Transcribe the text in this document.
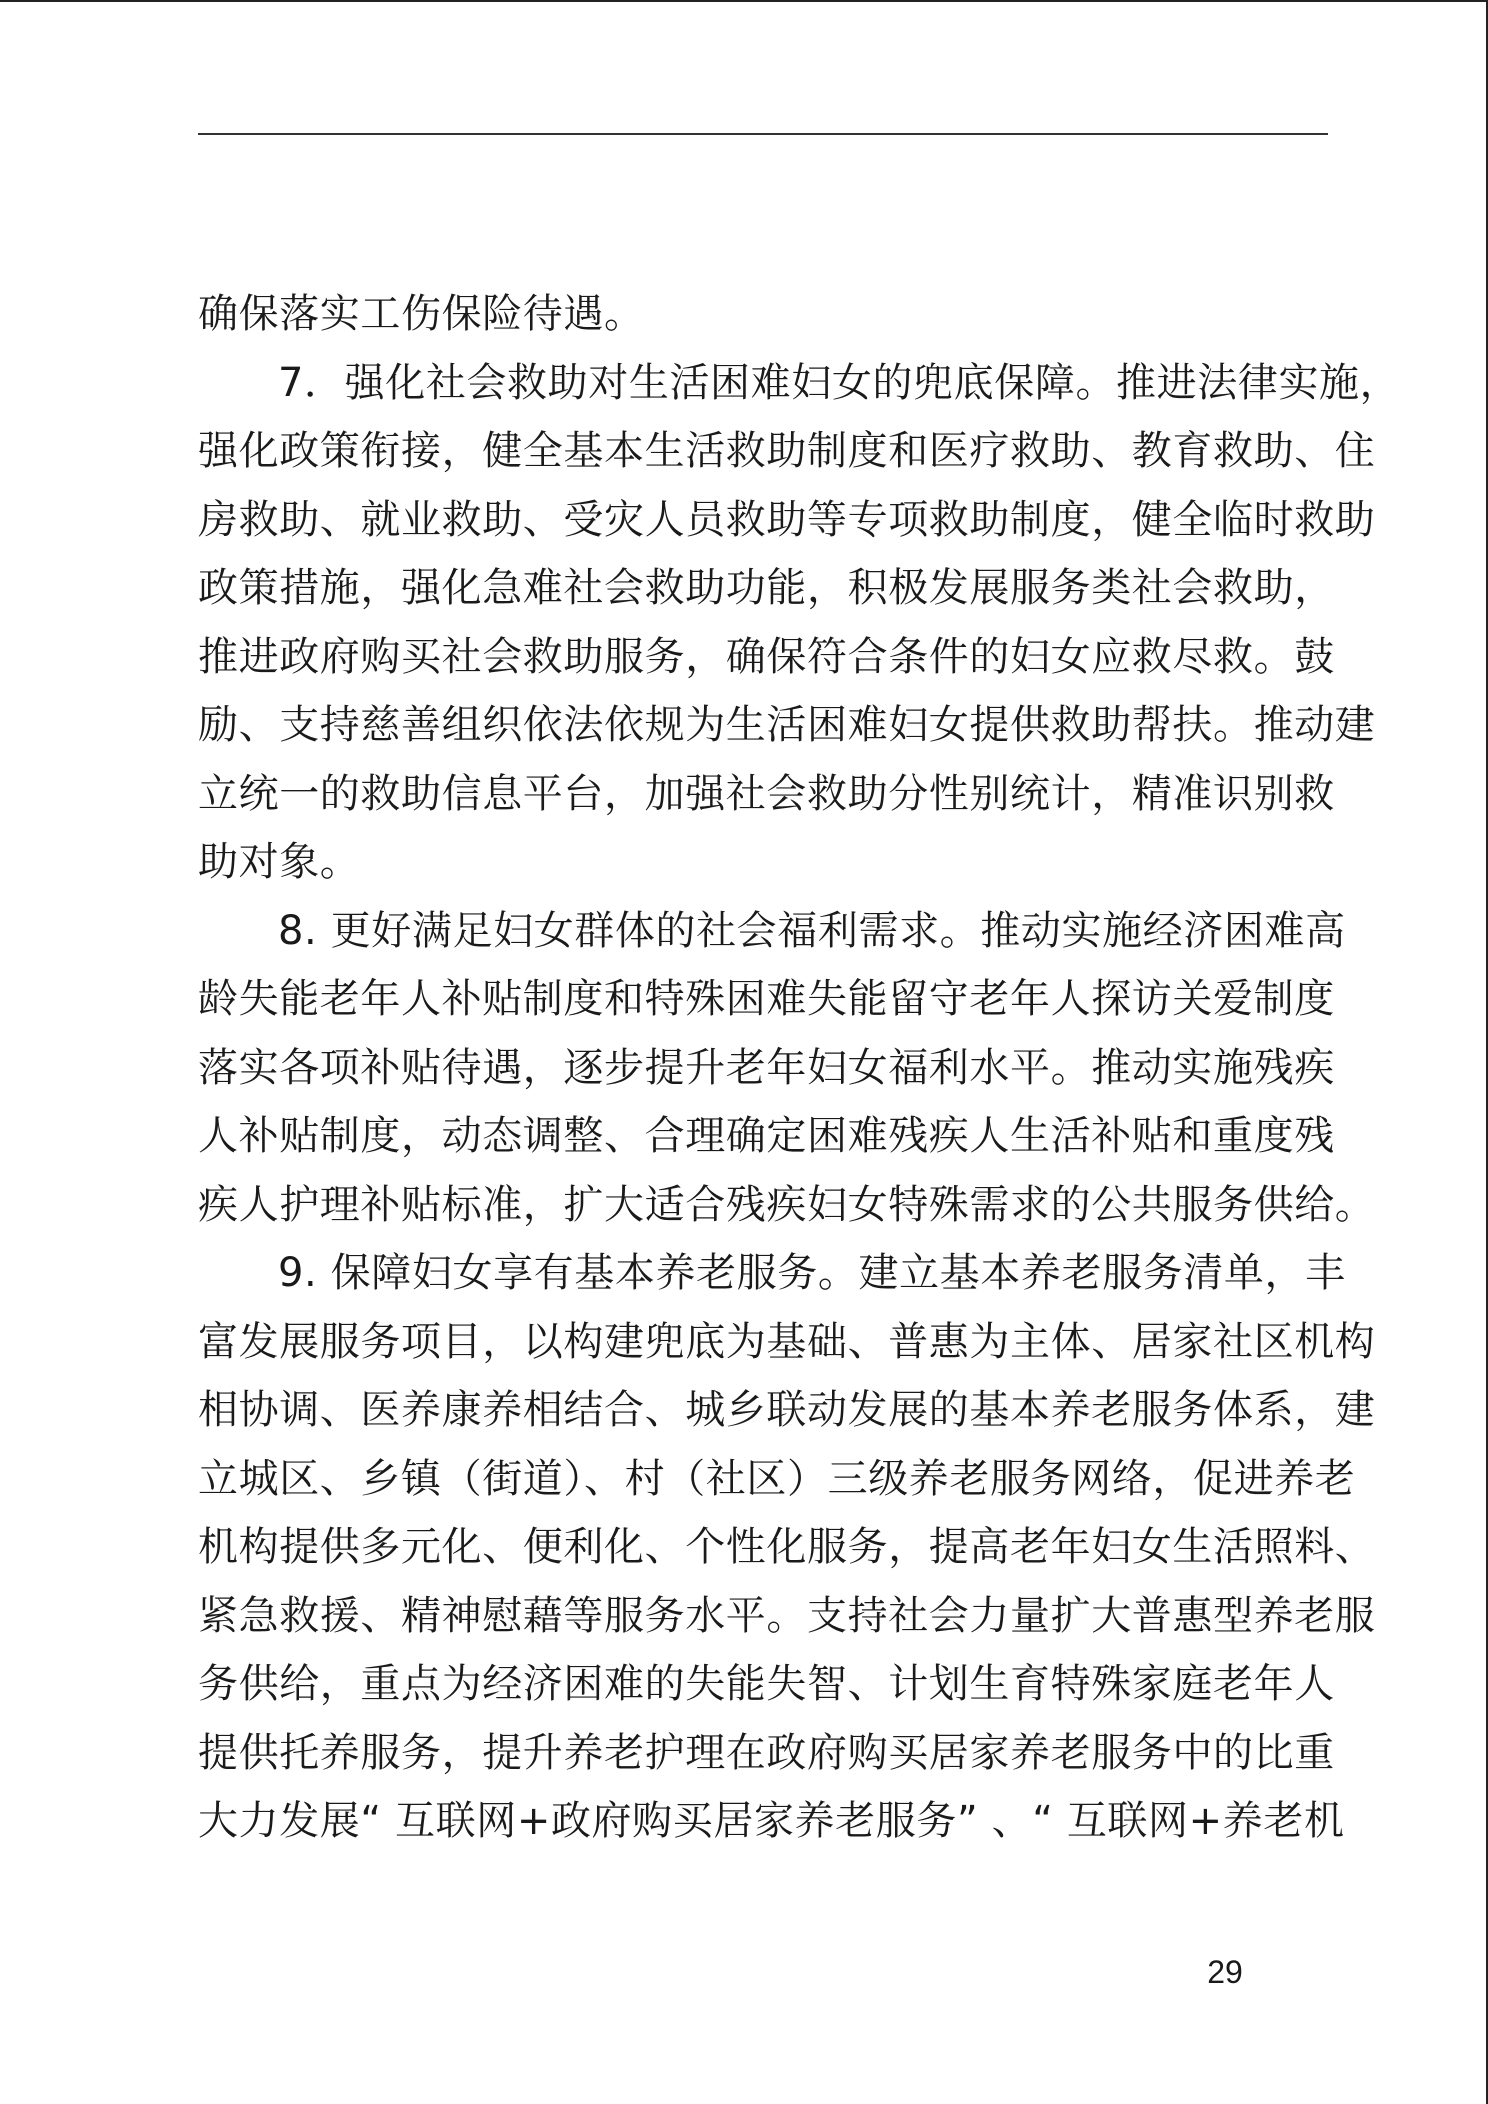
确保落实工伤保险待遇。
7．强化社会救助对生活困难妇女的兜底保障。推进法律实施，
强化政策衔接，健全基本生活救助制度和医疗救助、教育救助、住
房救助、就业救助、受灾人员救助等专项救助制度，健全临时救助
政策措施，强化急难社会救助功能，积极发展服务类社会救助，
推进政府购买社会救助服务，确保符合条件的妇女应救尽救。鼓
励、支持慈善组织依法依规为生活困难妇女提供救助帮扶。推动建
立统一的救助信息平台，加强社会救助分性别统计，精准识别救
助对象。
8. 更好满足妇女群体的社会福利需求。推动实施经济困难高
龄失能老年人补贴制度和特殊困难失能留守老年人探访关爱制度
落实各项补贴待遇，逐步提升老年妇女福利水平。推动实施残疾
人补贴制度，动态调整、合理确定困难残疾人生活补贴和重度残
疾人护理补贴标准，扩大适合残疾妇女特殊需求的公共服务供给。
9. 保障妇女享有基本养老服务。建立基本养老服务清单，丰
富发展服务项目，以构建兜底为基础、普惠为主体、居家社区机构
相协调、医养康养相结合、城乡联动发展的基本养老服务体系，建
立城区、乡镇（街道）、村（社区）三级养老服务网络，促进养老
机构提供多元化、便利化、个性化服务，提高老年妇女生活照料、
紧急救援、精神慰藉等服务水平。支持社会力量扩大普惠型养老服
务供给，重点为经济困难的失能失智、计划生育特殊家庭老年人
提供托养服务，提升养老护理在政府购买居家养老服务中的比重
大力发展“ 互联网+政府购买居家养老服务” 、“ 互联网+养老机
29
